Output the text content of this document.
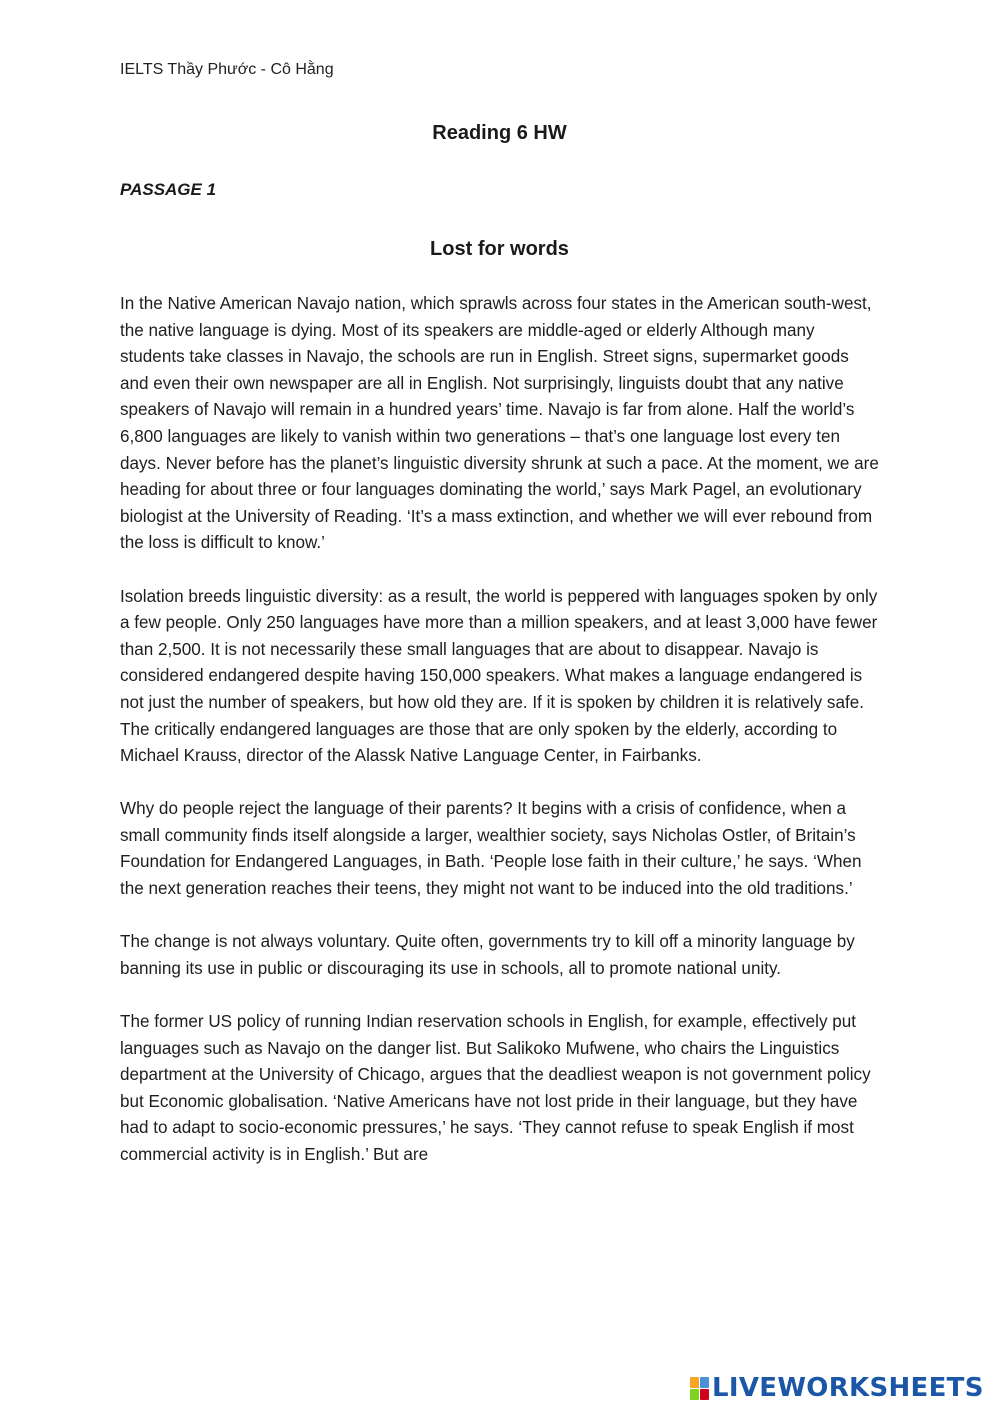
IELTS Thầy Phước - Cô Hằng
Reading 6 HW
PASSAGE 1
Lost for words

In the Native American Navajo nation, which sprawls across four states in the American south-west, the native language is dying. Most of its speakers are middle-aged or elderly Although many students take classes in Navajo, the schools are run in English. Street signs, supermarket goods and even their own newspaper are all in English. Not surprisingly, linguists doubt that any native speakers of Navajo will remain in a hundred years’ time. Navajo is far from alone. Half the world’s 6,800 languages are likely to vanish within two generations – that’s one language lost every ten days. Never before has the planet’s linguistic diversity shrunk at such a pace. At the moment, we are heading for about three or four languages dominating the world,’ says Mark Pagel, an evolutionary biologist at the University of Reading. ‘It’s a mass extinction, and whether we will ever rebound from the loss is difficult to know.’

Isolation breeds linguistic diversity: as a result, the world is peppered with languages spoken by only a few people. Only 250 languages have more than a million speakers, and at least 3,000 have fewer than 2,500. It is not necessarily these small languages that are about to disappear. Navajo is considered endangered despite having 150,000 speakers. What makes a language endangered is not just the number of speakers, but how old they are. If it is spoken by children it is relatively safe. The critically endangered languages are those that are only spoken by the elderly, according to Michael Krauss, director of the Alassk Native Language Center, in Fairbanks.

Why do people reject the language of their parents? It begins with a crisis of confidence, when a small community finds itself alongside a larger, wealthier society, says Nicholas Ostler, of Britain’s Foundation for Endangered Languages, in Bath. ‘People lose faith in their culture,’ he says. ‘When the next generation reaches their teens, they might not want to be induced into the old traditions.’

The change is not always voluntary. Quite often, governments try to kill off a minority language by banning its use in public or discouraging its use in schools, all to promote national unity.

The former US policy of running Indian reservation schools in English, for example, effectively put languages such as Navajo on the danger list. But Salikoko Mufwene, who chairs the Linguistics department at the University of Chicago, argues that the deadliest weapon is not government policy but Economic globalisation. ‘Native Americans have not lost pride in their language, but they have had to adapt to socio-economic pressures,’ he says. ‘They cannot refuse to speak English if most commercial activity is in English.’ But are

LIVEWORKSHEETS
